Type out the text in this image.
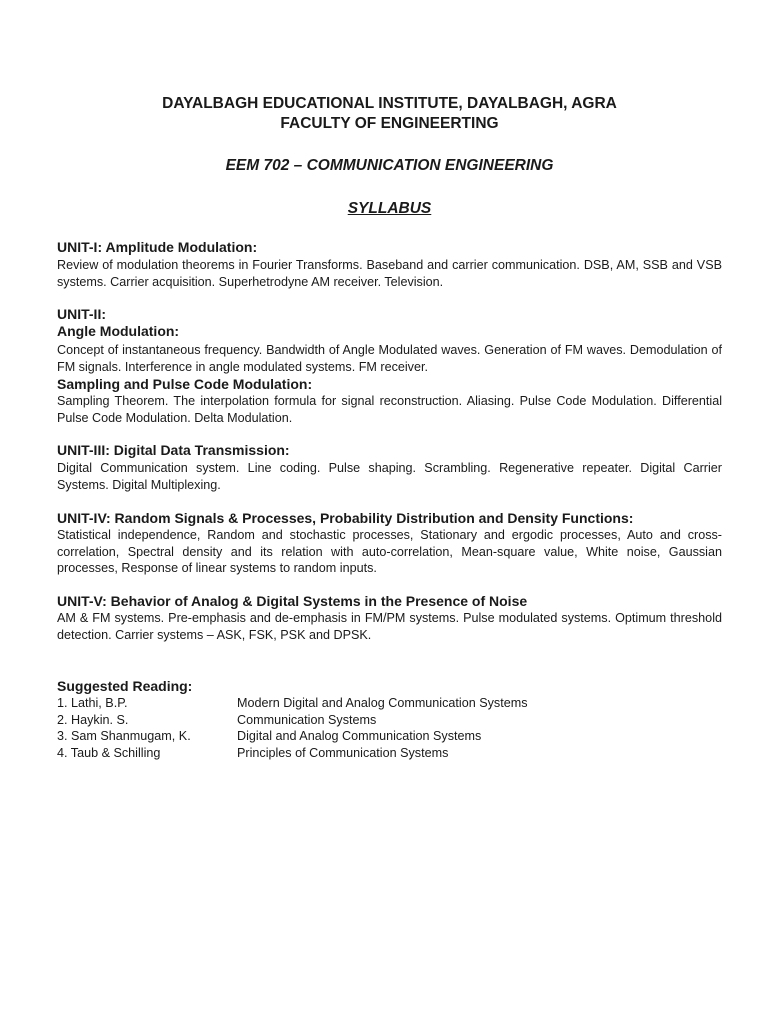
DAYALBAGH EDUCATIONAL INSTITUTE, DAYALBAGH, AGRA
FACULTY OF ENGINEERTING
EEM 702 – COMMUNICATION ENGINEERING
SYLLABUS
UNIT-I: Amplitude Modulation:
Review of modulation theorems in Fourier Transforms. Baseband and carrier communication. DSB, AM, SSB and VSB systems. Carrier acquisition. Superhetrodyne AM receiver. Television.
UNIT-II:
Angle Modulation:
Concept of instantaneous frequency. Bandwidth of Angle Modulated waves. Generation of FM waves. Demodulation of FM signals. Interference in angle modulated systems. FM receiver.
Sampling and Pulse Code Modulation:
Sampling Theorem. The interpolation formula for signal reconstruction. Aliasing. Pulse Code Modulation. Differential Pulse Code Modulation. Delta Modulation.
UNIT-III: Digital Data Transmission:
Digital Communication system. Line coding. Pulse shaping. Scrambling. Regenerative repeater. Digital Carrier Systems. Digital Multiplexing.
UNIT-IV: Random Signals & Processes, Probability Distribution and Density Functions:
Statistical independence, Random and stochastic processes, Stationary and ergodic processes, Auto and cross-correlation, Spectral density and its relation with auto-correlation, Mean-square value, White noise, Gaussian processes, Response of linear systems to random inputs.
UNIT-V: Behavior of Analog & Digital Systems in the Presence of Noise
AM & FM systems. Pre-emphasis and de-emphasis in FM/PM systems. Pulse modulated systems. Optimum threshold detection. Carrier systems – ASK, FSK, PSK and DPSK.
Suggested Reading:
1. Lathi, B.P.	Modern Digital and Analog Communication Systems
2. Haykin. S.	Communication Systems
3. Sam Shanmugam, K.	Digital and Analog Communication Systems
4. Taub & Schilling	Principles of Communication Systems
